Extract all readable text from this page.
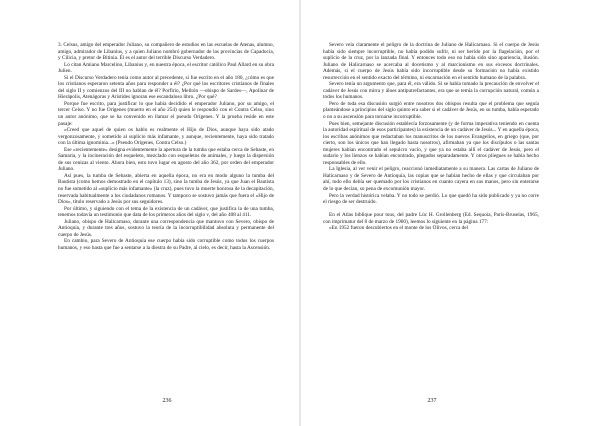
3. Celsus, amigo del emperador Juliano, su compañero de estudios en las escuelas de Atenas, alumno, amigo, admirador de Libanius, y a quien Juliano nombró gobernador de las provincias de Capadocia, y Cilicia, y pretor de Bitinia. Él es el autor del terrible Discurso Verdadero.

Lo citan Amiano Marcelino, Libanius y, en nuestra época, el escritor católico Paul Allard en su obra Julien.

Si el Discurso Verdadero tenía como autor al precedente, si fue escrito en el año 180, ¿cómo es que los cristianos esperaron setenta años para responder a él? ¿Por qué los escritores cristianos de finales del siglo II y comienzos del III no hablan de él? Porfirio, Melitón —obispo de Sardes—, Apolinar de Hierápolis, Atenágoras y Aristides ignoran ese escandaloso libro. ¿Por qué?

Porque fue escrito, para justificar lo que había decidido el emperador Juliano, por su amigo, el tercer Celso. Y no fue Orígenes (muerto en el año 254) quien le respondió con el Contra Celso, sino un autor anónimo, que se ha convenido en llamar el pseudo Orígenes. Y la prueba reside en este pasaje:

«Creed que aquel de quien os hablo es realmente el Hijo de Dios, aunque haya sido atado vergonzosamente, y sometido al suplicio más infamante, y aunque, recientemente, haya sido tratado con la última ignominia...» (Pseudo Orígenes, Contra Celso.)

Ese «recientemente» designa evidentemente la apertura de la tumba que estaba cerca de Sebaste, en Samaria, y la incineración del esqueleto, mezclado con esqueletos de animales, y luego la dispersión de sus cenizas al viento. Ahora bien, esto tuvo lugar en agosto del año 362, por orden del emperador Juliano.

Así pues, la tumba de Sebaste, abierta en aquella época, no era en modo alguno la tumba del Bautista (como hemos demostrado en el capítulo 13), sino la tumba de Jesús, ya que Juan el Bautista no fue sometido al «suplicio más infamante» (la cruz), pues tuvo la muerte honrosa de la decapitación, reservada habitualmente a los ciudadanos romanos. Y tampoco se sostuvo jamás que fuera el «Hijo de Dios», título reservado a Jesús por sus seguidores.

Por último, y siguiendo con el tema de la existencia de un cadáver, que justifica la de una tumba, tenemos todavía un testimonio que data de los primeros años del siglo v, del año 408 al 411.

Juliano, obispo de Halicarnaso, durante una correspondencia que mantuvo con Severo, obispo de Antioquía, y durante tres años, sostuvo la teoría de la incorruptibilidad absoluta y permanente del cuerpo de Jesús.

En cambio, para Severo de Antioquía ese cuerpo había sido corruptible como todos los cuerpos humanos, y eso hasta que fue a sentarse a la diestra de su Padre, al cielo, es decir, hasta la Ascensión.

236

Severo veía claramente el peligro de la doctrina de Juliano de Halicarnaso. Si el cuerpo de Jesús había sido siempre incorruptible, no había podido sufrir, ni ser herido por la flagelación, por el suplicio de la cruz, por la lanzada final. Y entonces todo eso no había sido sino apariencia, ilusión. Juliano de Halicarnaso se acercaba al docetismo y al marcionismo en sus excesos doctrinales. Además, si el cuerpo de Jesús había sido incorruptible desde su formación no había existido resurrección en el sentido exacto del término, ni encarnación en el sentido humano de la palabra.

Severo tenía un argumento que, para él, era válido. Si se había tomado la precaución de envolver el cadáver de Jesús con mirra y áloes antiputrefactantes, era que se temía la corrupción natural, común a todos los humanos.

Pero de toda esa discusión surgió entre nosotros dos obispos resulta que el problema que seguía planteándose a principios del siglo quinto era saber si el cadáver de Jesús, en su tumba, había esperado o no a su ascensión para tornarse incorruptible.

Pues bien, semejante discusión establecía forzosamente (y de forma imperativa teniendo en cuenta la autoridad espiritual de esos participantes) la existencia de un cadáver de Jesús... Y en aquella época, los escribas anónimos que redactaban los manuscritos de los nuevos Evangelios, en griego (que, por cierto, son los únicos que han llegado hasta nosotros), afirmaban ya que los discípulos o las santas mujeres habían encontrado el sepulcro vacío, y que ya no estaba allí el cadáver de Jesús, pero el sudario y los lienzos se habían encontrado, plegados separadamente. Y otros pliegues se había hecho responsables de ello.

La Iglesia, al ver venir el peligro, reaccionó inmediatamente a su manera. Las cartas de Juliano de Halicarnaso y de Severo de Antioquía, las copias que se habían hecho de ellas y que circulaban por ahí, todo ello debía ser quemado por los cristianos en cuanto cayera en sus manos, pero sin enterarse de lo que decían, so pena de excomunión mayor.

Pero la verdad histórica velaba. Y no todo se perdió. Lo que quedó ha sido publicado y ya no corre el riesgo de ser destruido.

En el Atlas biblique pour tous, del padre Lúc H. Grollenberg (Ed. Sequoia, París-Bruselas, 1965, con imprimatur del 8 de marzo de 1960), leemos lo siguiente en la página 177:

«En 1952 fueron descubiertos en el monte de los Olivos, cerca del

237
